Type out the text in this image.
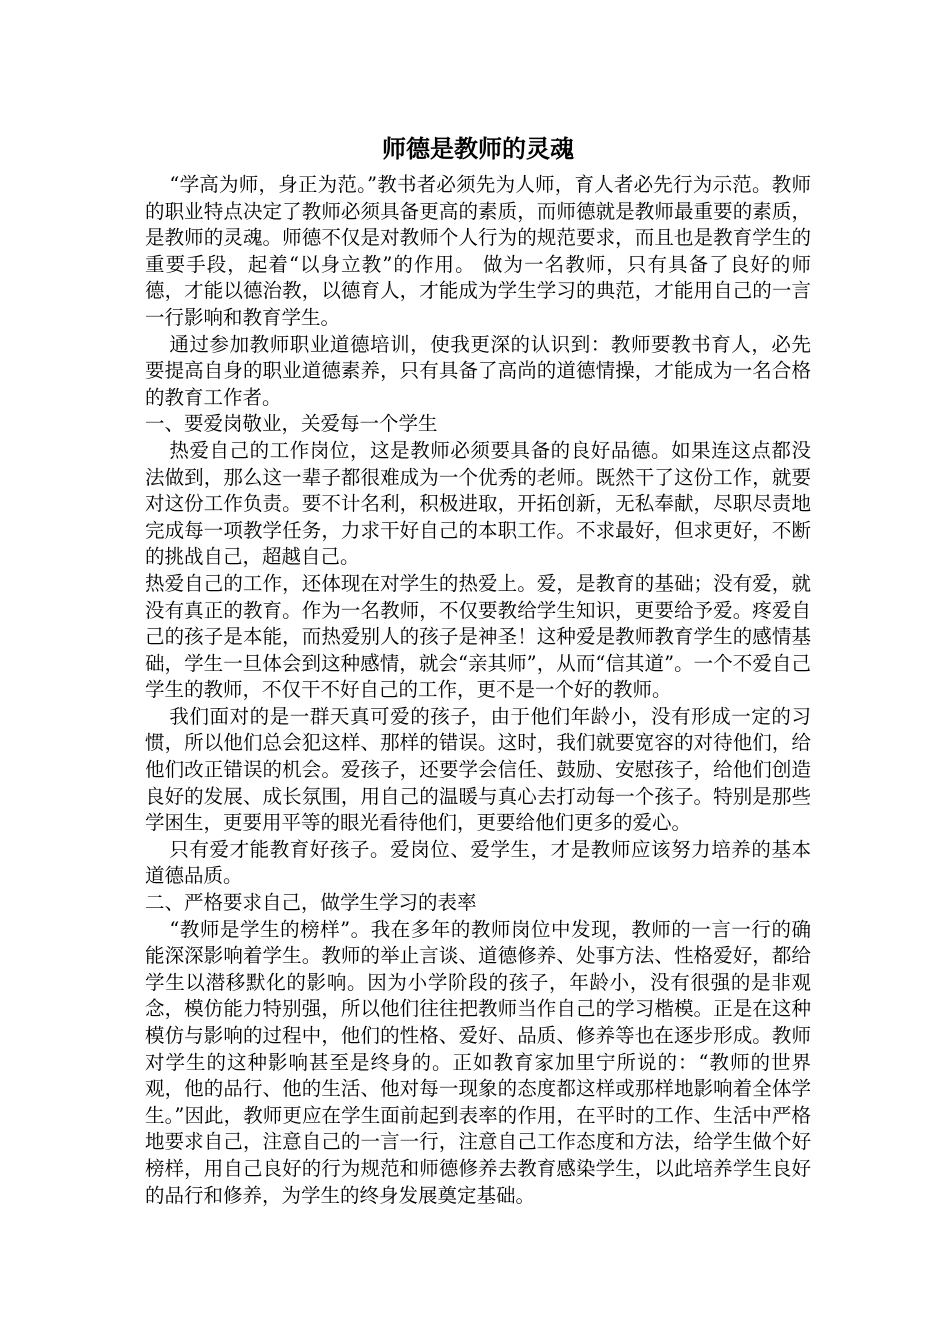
师德是教师的灵魂

“学高为师，身正为范。”教书者必须先为人师，育人者必先行为示范。教师的职业特点决定了教师必须具备更高的素质，而师德就是教师最重要的素质，是教师的灵魂。师德不仅是对教师个人行为的规范要求，而且也是教育学生的重要手段，起着“以身立教”的作用。 做为一名教师，只有具备了良好的师德，才能以德治教，以德育人，才能成为学生学习的典范，才能用自己的一言一行影响和教育学生。

通过参加教师职业道德培训，使我更深的认识到：教师要教书育人，必先要提高自身的职业道德素养，只有具备了高尚的道德情操，才能成为一名合格的教育工作者。

一、要爱岗敬业，关爱每一个学生

热爱自己的工作岗位，这是教师必须要具备的良好品德。如果连这点都没法做到，那么这一辈子都很难成为一个优秀的老师。既然干了这份工作，就要对这份工作负责。要不计名利，积极进取，开拓创新，无私奉献，尽职尽责地完成每一项教学任务，力求干好自己的本职工作。不求最好，但求更好，不断的挑战自己，超越自己。

热爱自己的工作，还体现在对学生的热爱上。爱，是教育的基础；没有爱，就没有真正的教育。作为一名教师，不仅要教给学生知识，更要给予爱。疼爱自己的孩子是本能，而热爱别人的孩子是神圣！这种爱是教师教育学生的感情基础，学生一旦体会到这种感情，就会“亲其师”，从而“信其道”。一个不爱自己学生的教师，不仅干不好自己的工作，更不是一个好的教师。

我们面对的是一群天真可爱的孩子，由于他们年龄小，没有形成一定的习惯，所以他们总会犯这样、那样的错误。这时，我们就要宽容的对待他们，给他们改正错误的机会。爱孩子，还要学会信任、鼓励、安慰孩子，给他们创造良好的发展、成长氛围，用自己的温暖与真心去打动每一个孩子。特别是那些学困生，更要用平等的眼光看待他们，更要给他们更多的爱心。

只有爱才能教育好孩子。爱岗位、爱学生，才是教师应该努力培养的基本道德品质。

二、严格要求自己，做学生学习的表率

“教师是学生的榜样”。我在多年的教师岗位中发现，教师的一言一行的确能深深影响着学生。教师的举止言谈、道德修养、处事方法、性格爱好，都给学生以潜移默化的影响。因为小学阶段的孩子，年龄小，没有很强的是非观念，模仿能力特别强，所以他们往往把教师当作自己的学习楷模。正是在这种模仿与影响的过程中，他们的性格、爱好、品质、修养等也在逐步形成。教师对学生的这种影响甚至是终身的。正如教育家加里宁所说的：“教师的世界观，他的品行、他的生活、他对每一现象的态度都这样或那样地影响着全体学生。”因此，教师更应在学生面前起到表率的作用，在平时的工作、生活中严格地要求自己，注意自己的一言一行，注意自己工作态度和方法，给学生做个好榜样，用自己良好的行为规范和师德修养去教育感染学生，以此培养学生良好的品行和修养，为学生的终身发展奠定基础。
